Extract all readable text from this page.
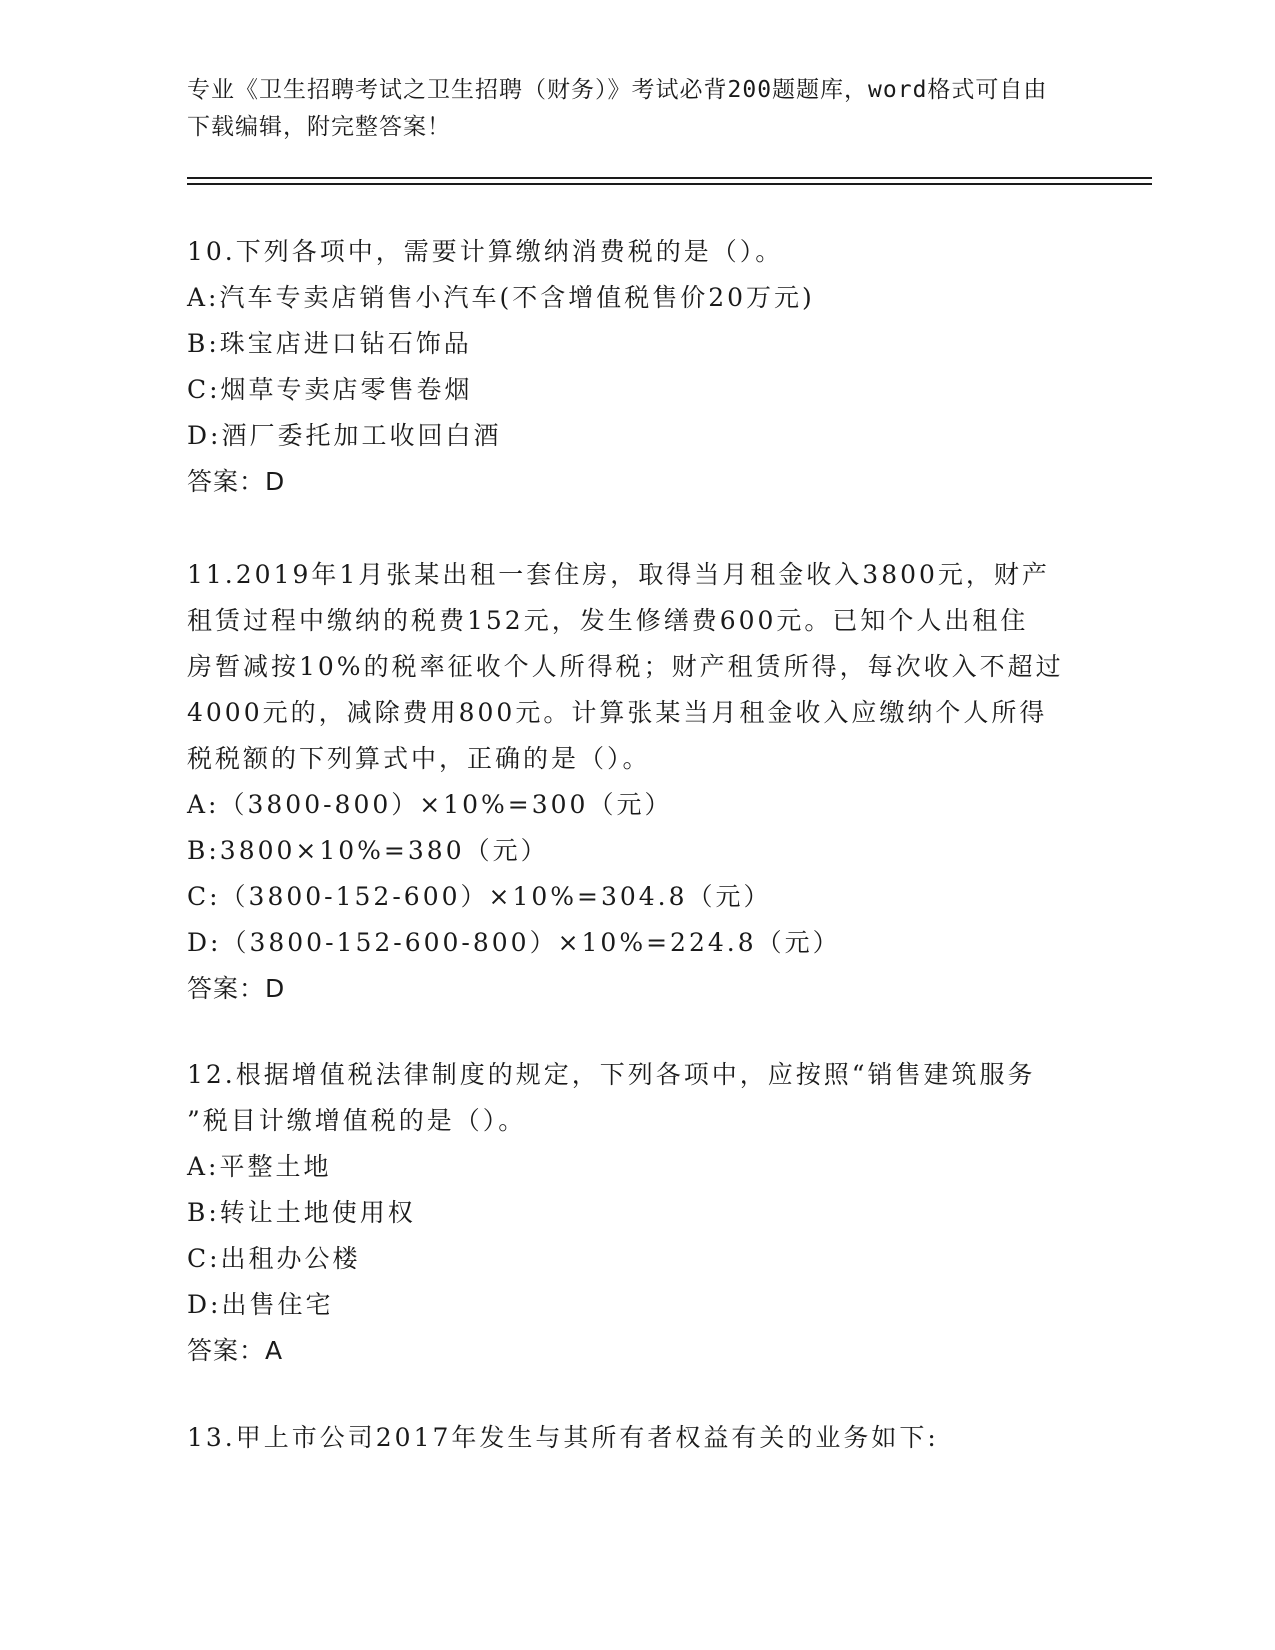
专业《卫生招聘考试之卫生招聘（财务）》考试必背200题题库，word格式可自由下载编辑，附完整答案！
10.下列各项中，需要计算缴纳消费税的是（）。
A:汽车专卖店销售小汽车(不含增值税售价20万元)
B:珠宝店进口钻石饰品
C:烟草专卖店零售卷烟
D:酒厂委托加工收回白酒
答案：D
11.2019年1月张某出租一套住房，取得当月租金收入3800元，财产
租赁过程中缴纳的税费152元，发生修缮费600元。已知个人出租住
房暂减按10%的税率征收个人所得税；财产租赁所得，每次收入不超过
4000元的，减除费用800元。计算张某当月租金收入应缴纳个人所得
税税额的下列算式中，正确的是（）。
A:（3800-800）×10%=300（元）
B:3800×10%=380（元）
C:（3800-152-600）×10%=304.8（元）
D:（3800-152-600-800）×10%=224.8（元）
答案：D
12.根据增值税法律制度的规定，下列各项中，应按照“销售建筑服务
”税目计缴增值税的是（）。
A:平整土地
B:转让土地使用权
C:出租办公楼
D:出售住宅
答案：A
13.甲上市公司2017年发生与其所有者权益有关的业务如下:
